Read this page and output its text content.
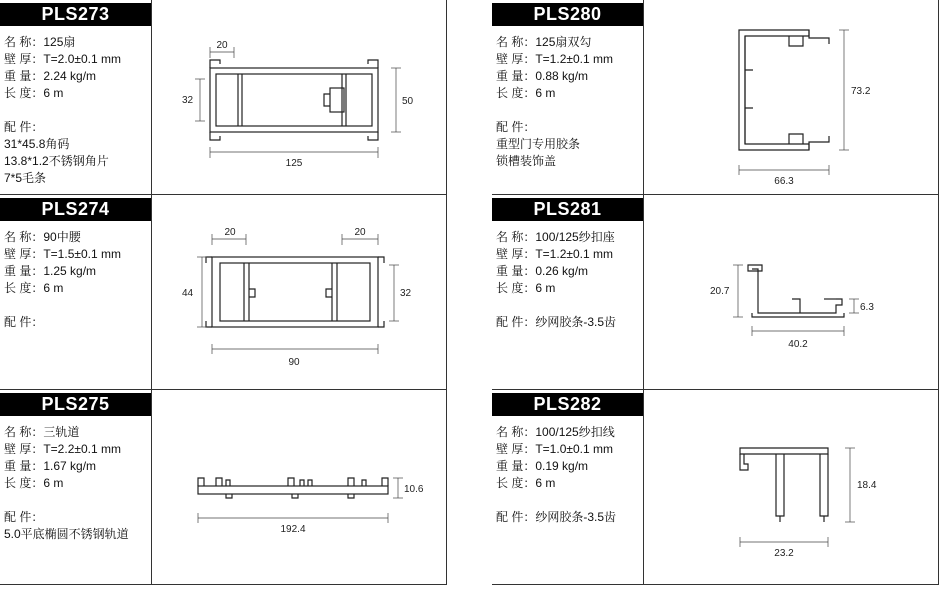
PLS273
名 称：125扇
壁 厚：T=2.0±0.1 mm
重 量：2.24 kg/m
长 度：6 m
配 件：
31*45.8角码
13.8*1.2不锈钢角片
7*5毛条
20
125
50
32
PLS280
名 称：125扇双勾
壁 厚：T=1.2±0.1 mm
重 量：0.88 kg/m
长 度：6 m
配 件：
重型门专用胶条
锁槽装饰盖
66.3
73.2
PLS274
名 称：90中腰
壁 厚：T=1.5±0.1 mm
重 量：1.25 kg/m
长 度：6 m
配 件：
20	20
90
44	32
PLS281
名 称：100/125纱扣座
壁 厚：T=1.2±0.1 mm
重 量：0.26 kg/m
长 度：6 m
配 件：纱网胶条-3.5齿
20.7
40.2
6.3
PLS275
名 称：三轨道
壁 厚：T=2.2±0.1 mm
重 量：1.67 kg/m
长 度：6 m
配 件：
5.0平底椭圆不锈钢轨道	192.4
10.6
PLS282
名 称：100/125纱扣线
壁 厚：T=1.0±0.1 mm
重 量：0.19 kg/m
长 度：6 m
配 件：纱网胶条-3.5齿
23.2
18.4
